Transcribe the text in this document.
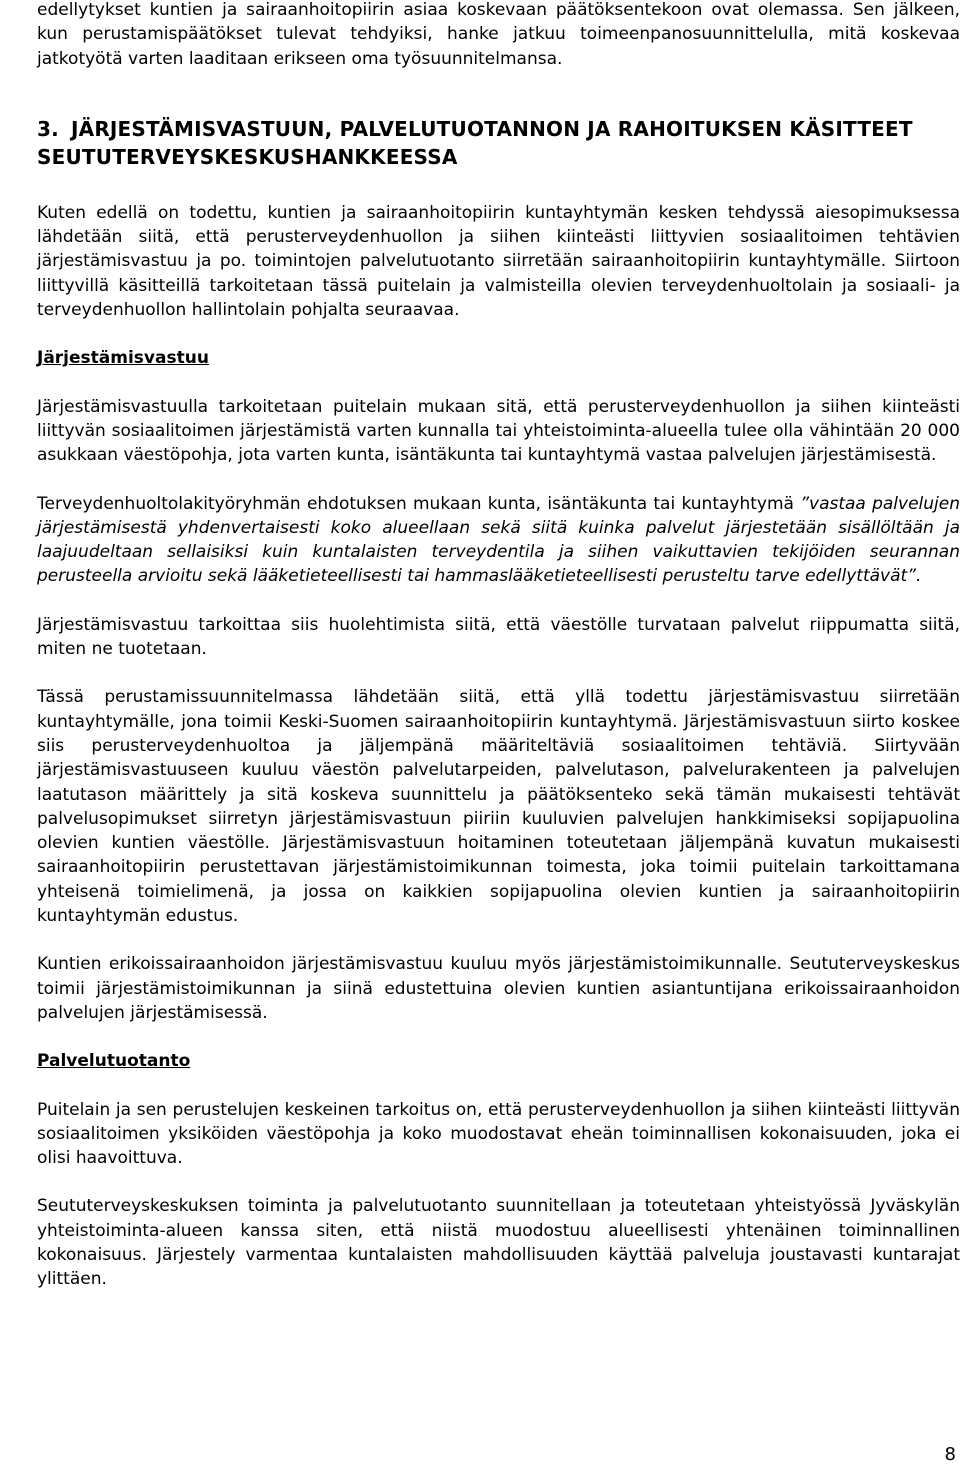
edellytykset kuntien ja sairaanhoitopiirin asiaa koskevaan päätöksentekoon ovat olemassa. Sen jälkeen, kun perustamispäätökset tulevat tehdyiksi, hanke jatkuu toimeenpanosuunnittelulla, mitä koskevaa jatkotyötä varten laaditaan erikseen oma työsuunnitelmansa.

3. JÄRJESTÄMISVASTUUN, PALVELUTUOTANNON JA RAHOITUKSEN KÄSITTEET SEUTUTERVEYSKESKUSHANKKEESSA

Kuten edellä on todettu, kuntien ja sairaanhoitopiirin kuntayhtymän kesken tehdyssä aiesopimuksessa lähdetään siitä, että perusterveydenhuollon ja siihen kiinteästi liittyvien sosiaalitoimen tehtävien järjestämisvastuu ja po. toimintojen palvelutuotanto siirretään sairaanhoitopiirin kuntayhtymälle. Siirtoon liittyvillä käsitteillä tarkoitetaan tässä puitelain ja valmisteilla olevien terveydenhuoltolain ja sosiaali- ja terveydenhuollon hallintolain pohjalta seuraavaa.

Järjestämisvastuu

Järjestämisvastuulla tarkoitetaan puitelain mukaan sitä, että perusterveydenhuollon ja siihen kiinteästi liittyvän sosiaalitoimen järjestämistä varten kunnalla tai yhteistoiminta-alueella tulee olla vähintään 20 000 asukkaan väestöpohja, jota varten kunta, isäntäkunta tai kuntayhtymä vastaa palvelujen järjestämisestä.

Terveydenhuoltolakityöryhmän ehdotuksen mukaan kunta, isäntäkunta tai kuntayhtymä ”vastaa palvelujen järjestämisestä yhdenvertaisesti koko alueellaan sekä siitä kuinka palvelut järjestetään sisällöltään ja laajuudeltaan sellaisiksi kuin kuntalaisten terveydentila ja siihen vaikuttavien tekijöiden seurannan perusteella arvioitu sekä lääketieteellisesti tai hammaslääketieteellisesti perusteltu tarve edellyttävät”.

Järjestämisvastuu tarkoittaa siis huolehtimista siitä, että väestölle turvataan palvelut riippumatta siitä, miten ne tuotetaan.

Tässä perustamissuunnitelmassa lähdetään siitä, että yllä todettu järjestämisvastuu siirretään kuntayhtymälle, jona toimii Keski-Suomen sairaanhoitopiirin kuntayhtymä. Järjestämisvastuun siirto koskee siis perusterveydenhuoltoa ja jäljempänä määriteltäviä sosiaalitoimen tehtäviä. Siirtyvään järjestämisvastuuseen kuuluu väestön palvelutarpeiden, palvelutason, palvelurakenteen ja palvelujen laatutason määrittely ja sitä koskeva suunnittelu ja päätöksenteko sekä tämän mukaisesti tehtävät palvelusopimukset siirretyn järjestämisvastuun piiriin kuuluvien palvelujen hankkimiseksi sopijapuolina olevien kuntien väestölle. Järjestämisvastuun hoitaminen toteutetaan jäljempänä kuvatun mukaisesti sairaanhoitopiirin perustettavan järjestämistoimikunnan toimesta, joka toimii puitelain tarkoittamana yhteisenä toimielimenä, ja jossa on kaikkien sopijapuolina olevien kuntien ja sairaanhoitopiirin kuntayhtymän edustus.

Kuntien erikoissairaanhoidon järjestämisvastuu kuuluu myös järjestämistoimikunnalle. Seututerveyskeskus toimii järjestämistoimikunnan ja siinä edustettuina olevien kuntien asiantuntijana erikoissairaanhoidon palvelujen järjestämisessä.

Palvelutuotanto

Puitelain ja sen perustelujen keskeinen tarkoitus on, että perusterveydenhuollon ja siihen kiinteästi liittyvän sosiaalitoimen yksiköiden väestöpohja ja koko muodostavat eheän toiminnallisen kokonaisuuden, joka ei olisi haavoittuva.

Seututerveyskeskuksen toiminta ja palvelutuotanto suunnitellaan ja toteutetaan yhteistyössä Jyväskylän yhteistoiminta-alueen kanssa siten, että niistä muodostuu alueellisesti yhtenäinen toiminnallinen kokonaisuus. Järjestely varmentaa kuntalaisten mahdollisuuden käyttää palveluja joustavasti kuntarajat ylittäen.

8
